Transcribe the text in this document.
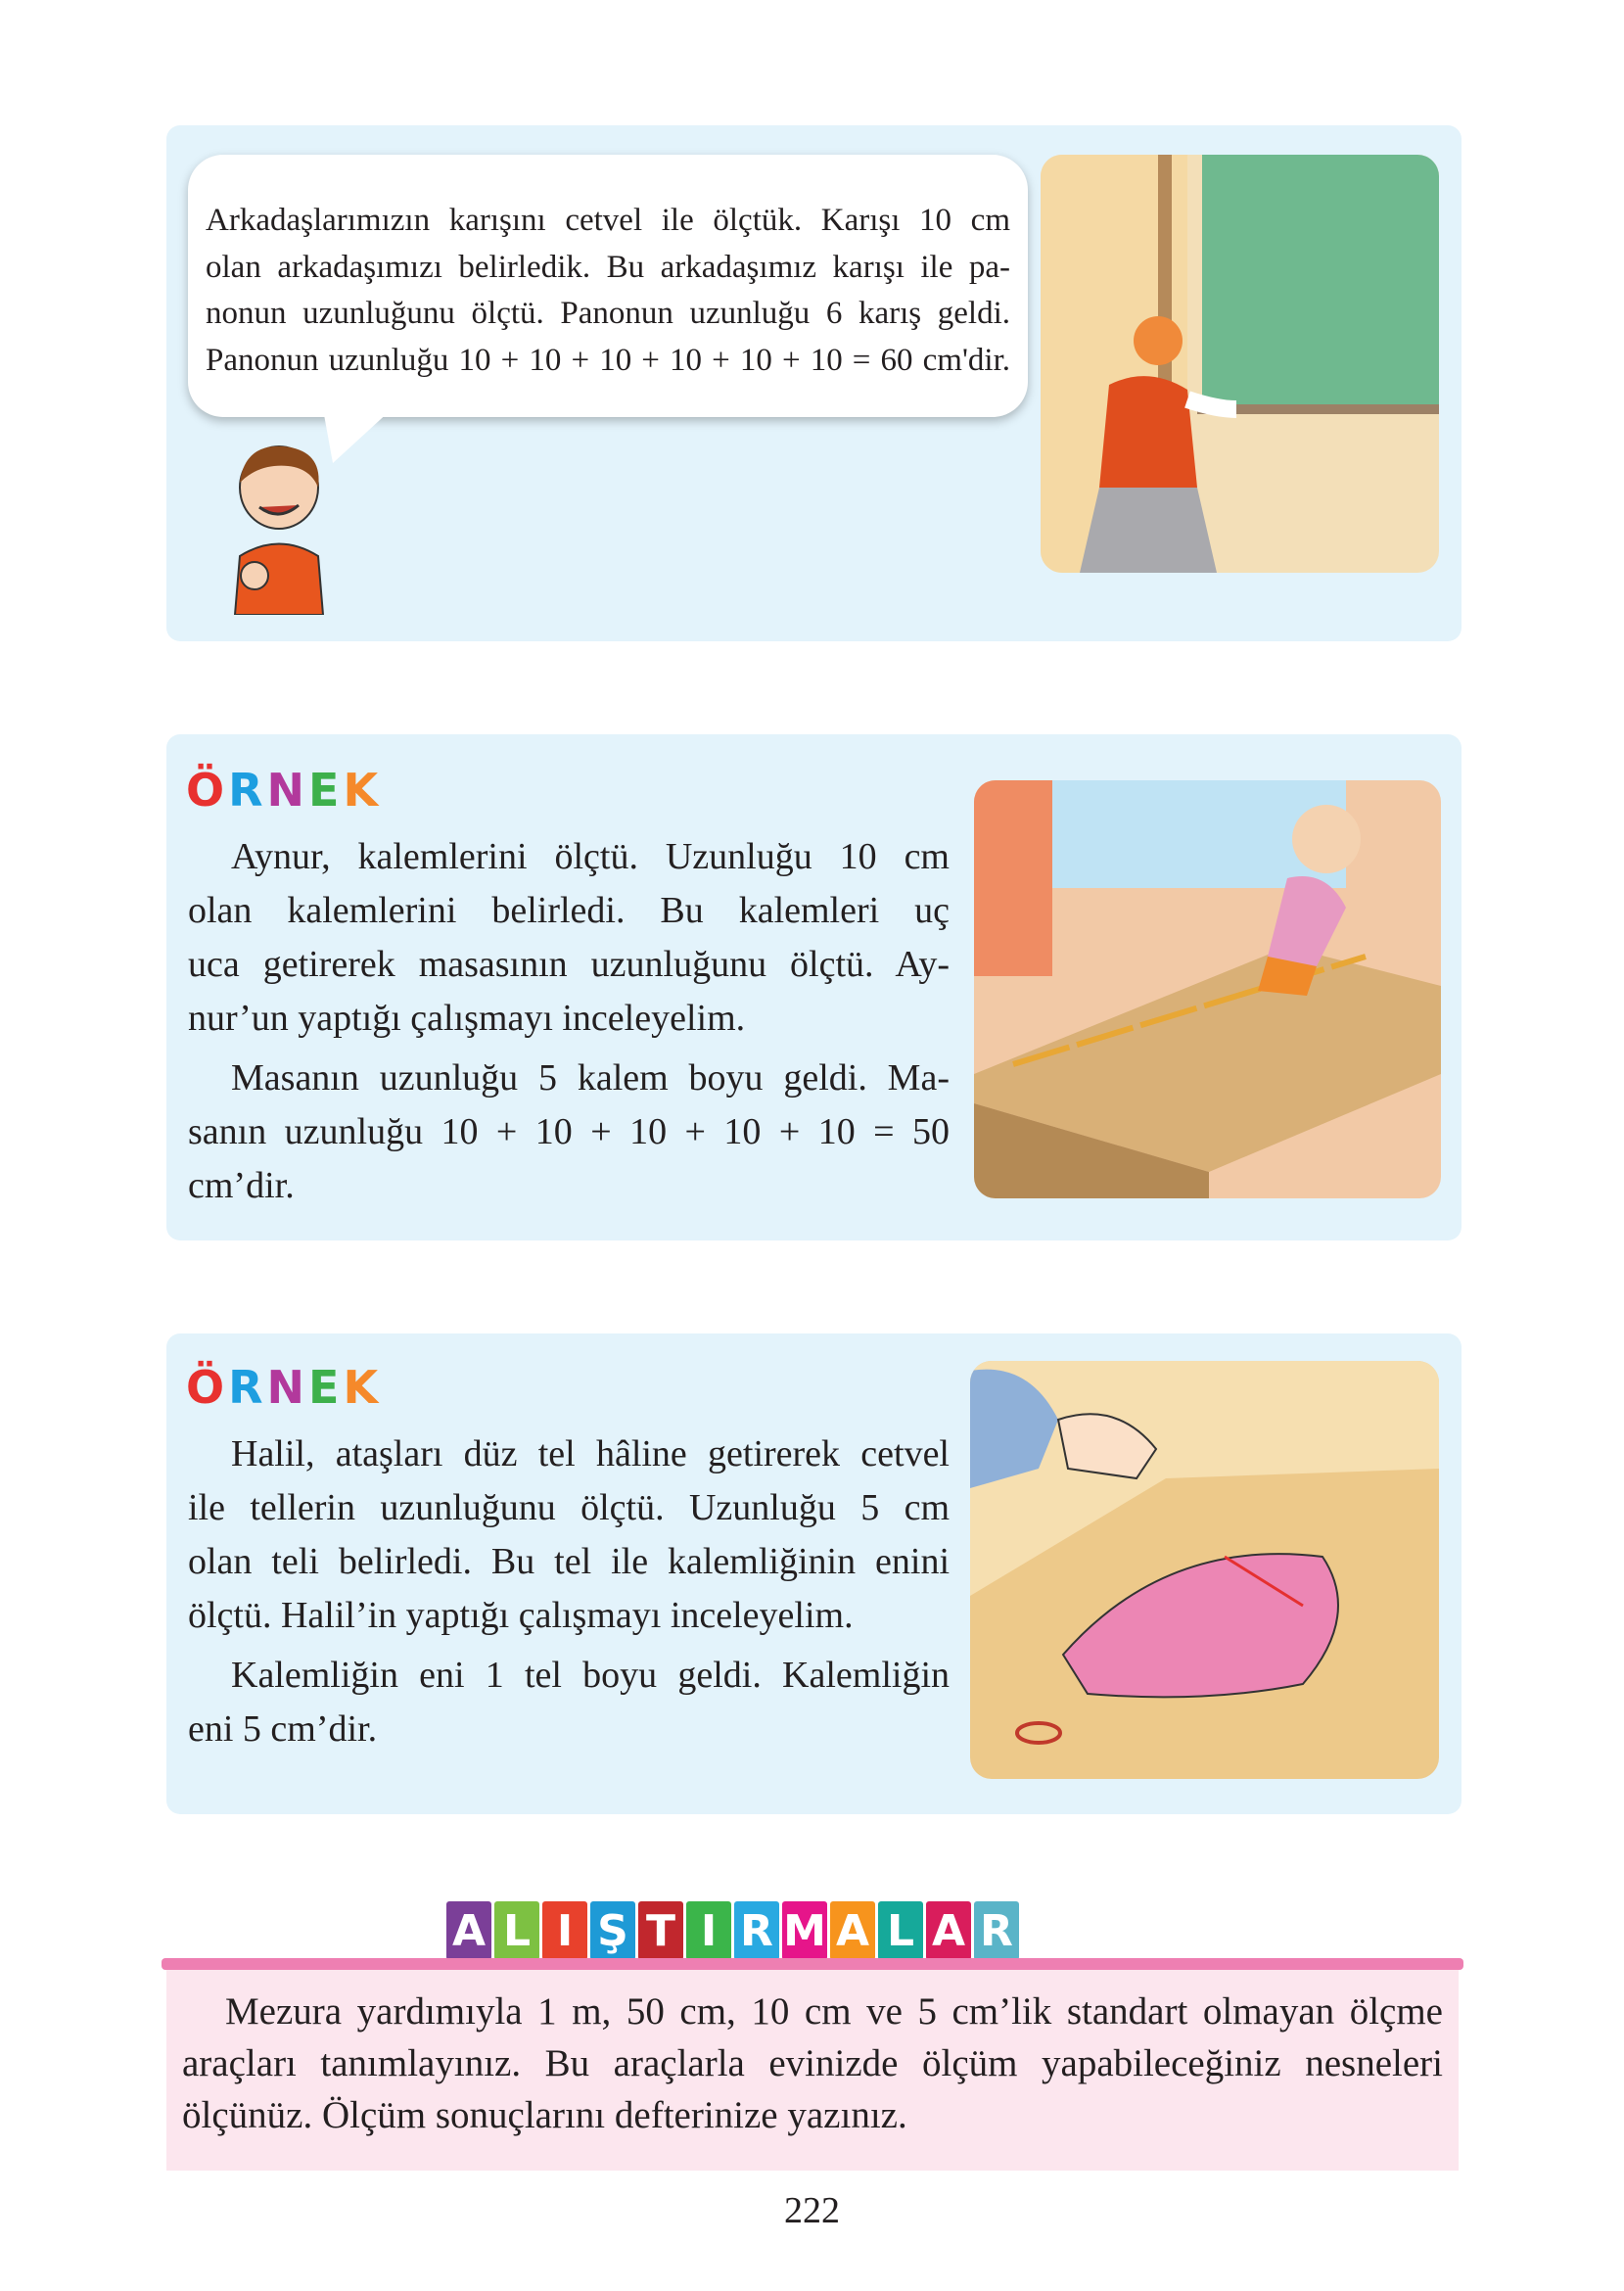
Arkadaşlarımızın karışını cetvel ile ölçtük. Karışı 10 cm
olan arkadaşımızı belirledik. Bu arkadaşımız karışı ile pa-
nonun uzunluğunu ölçtü. Panonun uzunluğu 6 karış geldi.
Panonun uzunluğu 10 + 10 + 10 + 10 + 10 + 10 = 60 cm'dir.
ÖRNEK
Aynur, kalemlerini ölçtü. Uzunluğu 10 cm
olan kalemlerini belirledi. Bu kalemleri uç
uca getirerek masasının uzunluğunu ölçtü. Ay-
nur’un yaptığı çalışmayı inceleyelim.
Masanın uzunluğu 5 kalem boyu geldi. Ma-
sanın uzunluğu 10 + 10 + 10 + 10 + 10 = 50
cm’dir.
ÖRNEK
Halil, ataşları düz tel hâline getirerek cetvel
ile tellerin uzunluğunu ölçtü. Uzunluğu 5 cm
olan teli belirledi. Bu tel ile kalemliğinin enini
ölçtü. Halil’in yaptığı çalışmayı inceleyelim.
Kalemliğin eni 1 tel boyu geldi. Kalemliğin
eni 5 cm’dir.
A L I Ş T I R M A L A R
Mezura yardımıyla 1 m, 50 cm, 10 cm ve 5 cm’lik standart olmayan ölçme
araçları tanımlayınız. Bu araçlarla evinizde ölçüm yapabileceğiniz nesneleri
ölçünüz. Ölçüm sonuçlarını defterinize yazınız.
222
